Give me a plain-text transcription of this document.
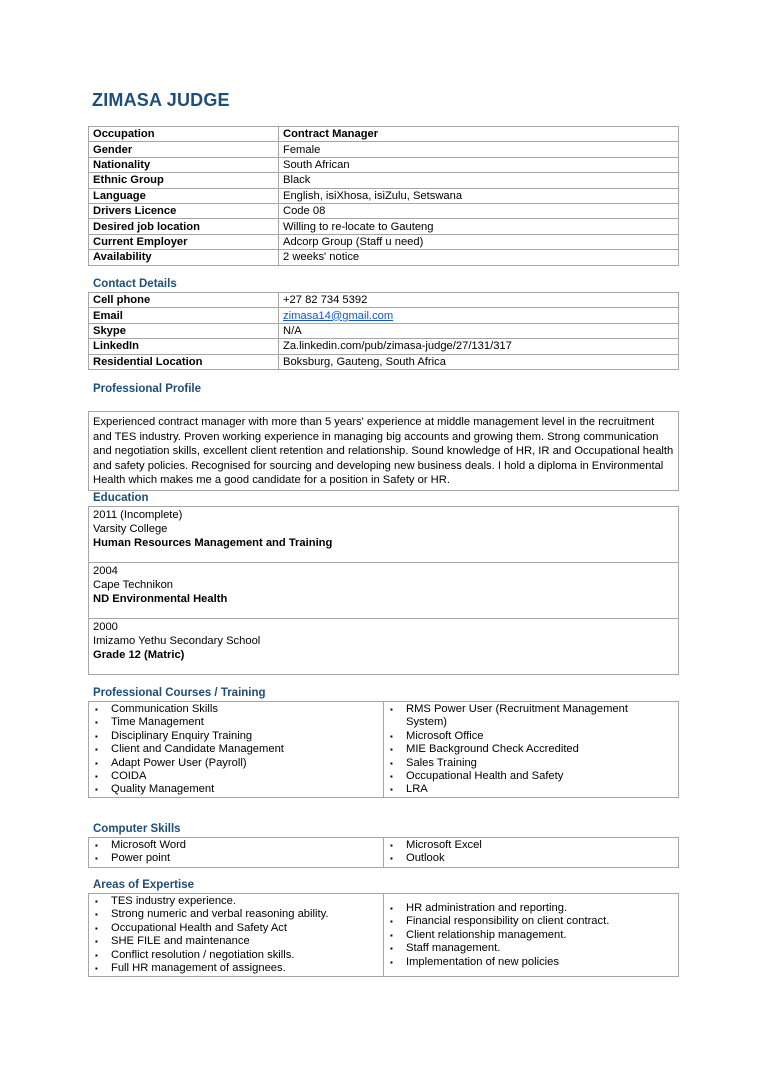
ZIMASA JUDGE
Occupation	Contract Manager
Gender	Female
Nationality	South African
Ethnic Group	Black
Language	English, isiXhosa, isiZulu, Setswana
Drivers Licence	Code 08
Desired job location	Willing to re-locate to Gauteng
Current Employer	Adcorp Group (Staff u need)
Availability	2 weeks' notice
Contact Details
Cell phone	+27 82 734 5392
Email	zimasa14@gmail.com
Skype	N/A
LinkedIn	Za.linkedin.com/pub/zimasa-judge/27/131/317
Residential Location	Boksburg, Gauteng, South Africa
Professional Profile
Experienced contract manager with more than 5 years' experience at middle management level in the recruitment and TES industry. Proven working experience in managing big accounts and growing them. Strong communication and negotiation skills, excellent client retention and relationship. Sound knowledge of HR, IR and Occupational health and safety policies. Recognised for sourcing and developing new business deals. I hold a diploma in Environmental Health which makes me a good candidate for a position in Safety or HR.
Education
2011 (Incomplete)
Varsity College
Human Resources Management and Training
2004
Cape Technikon
ND Environmental Health
2000
Imizamo Yethu Secondary School
Grade 12 (Matric)
Professional Courses / Training
▪ Communication Skills
▪ Time Management
▪ Disciplinary Enquiry Training
▪ Client and Candidate Management
▪ Adapt Power User (Payroll)
▪ COIDA
▪ Quality Management
▪ RMS Power User (Recruitment Management
System)
▪ Microsoft Office
▪ MIE Background Check Accredited
▪ Sales Training
▪ Occupational Health and Safety
▪ LRA
Computer Skills
▪ Microsoft Word
▪ Power point
▪ Microsoft Excel
▪ Outlook
Areas of Expertise
▪ TES industry experience.
▪ Strong numeric and verbal reasoning ability.
▪ Occupational Health and Safety Act
▪ SHE FILE and maintenance
▪ Conflict resolution / negotiation skills.
▪ Full HR management of assignees.
▪ HR administration and reporting.
▪ Financial responsibility on client contract.
▪ Client relationship management.
▪ Staff management.
▪ Implementation of new policies
